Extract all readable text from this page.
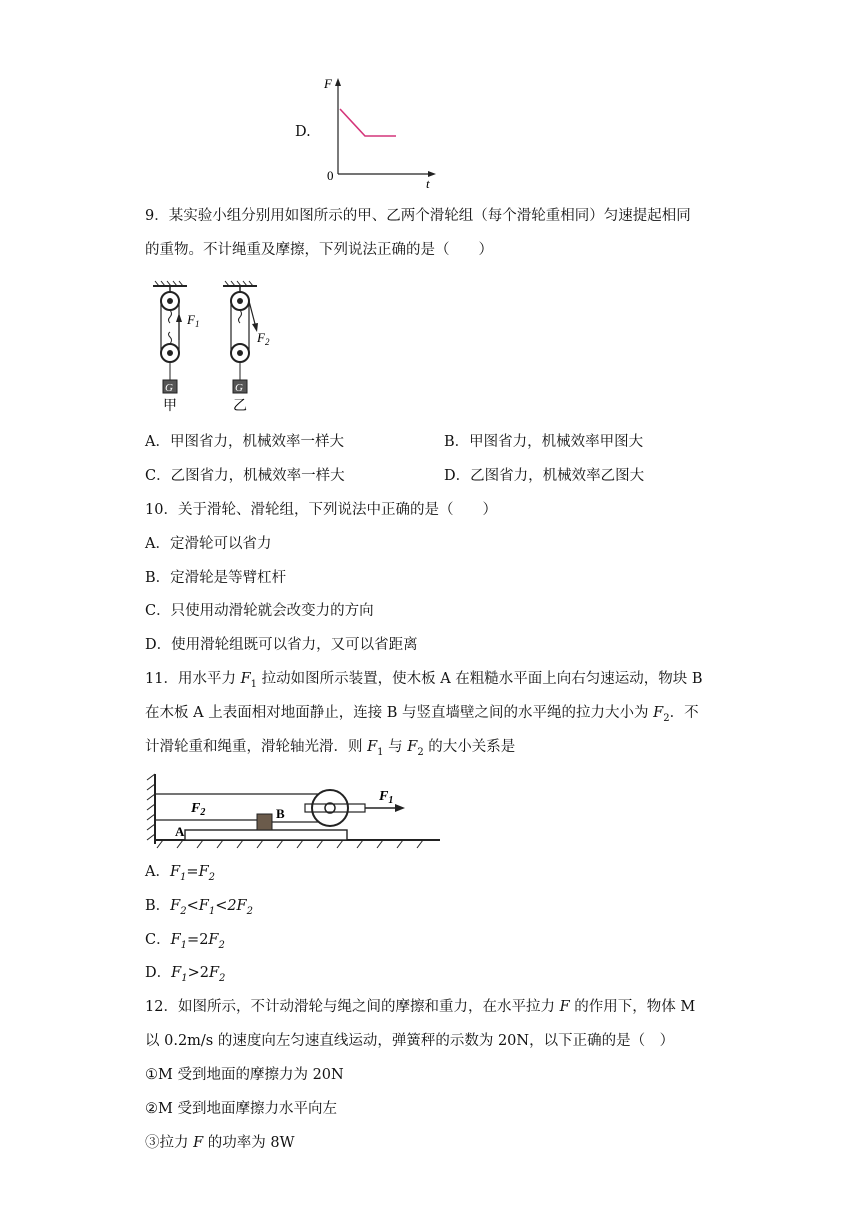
D.
F
t
0
9．某实验小组分别用如图所示的甲、乙两个滑轮组（每个滑轮重相同）匀速提起相同
的重物。不计绳重及摩擦，下列说法正确的是（　　）
$F_1$
G
甲
$F_2$
G
乙
A．甲图省力，机械效率一样大	B．甲图省力，机械效率甲图大
C．乙图省力，机械效率一样大	D．乙图省力，机械效率乙图大
10．关于滑轮、滑轮组，下列说法中正确的是（　　）
A．定滑轮可以省力
B．定滑轮是等臂杠杆
C．只使用动滑轮就会改变力的方向
D．使用滑轮组既可以省力，又可以省距离
11．用水平力 $F_1$ 拉动如图所示装置，使木板 A 在粗糙水平面上向右匀速运动，物块 B
在木板 A 上表面相对地面静止，连接 B 与竖直墙壁之间的水平绳的拉力大小为 $F_2$．不
计滑轮重和绳重，滑轮轴光滑．则 $F_1$ 与 $F_2$ 的大小关系是
$F_2$	B
A
$F_1$
A．$F_1=F_2$
B．$F_2<F_1<2F_2$
C．$F_1=2F_2$
D．$F_1>2F_2$
12．如图所示，不计动滑轮与绳之间的摩擦和重力，在水平拉力 F 的作用下，物体 M
以 0.2m/s 的速度向左匀速直线运动，弹簧秤的示数为 20N，以下正确的是（　）
①M 受到地面的摩擦力为 20N
②M 受到地面摩擦力水平向左
③拉力 F 的功率为 8W
